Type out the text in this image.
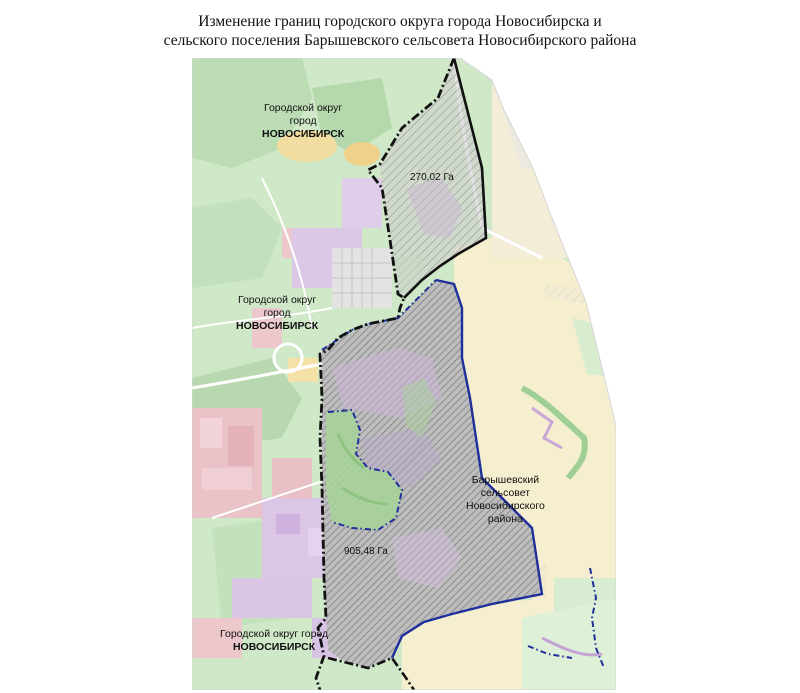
Изменение границ городского округа города Новосибирска и
сельского поселения Барышевского сельсовета Новосибирского района
Городской округ
город
НОВОСИБИРСК
Городской округ
город
НОВОСИБИРСК
Городской округ город
НОВОСИБИРСК
Барышевский
сельсовет
Новосибирского
района
270,02 Га
905,48 Га
